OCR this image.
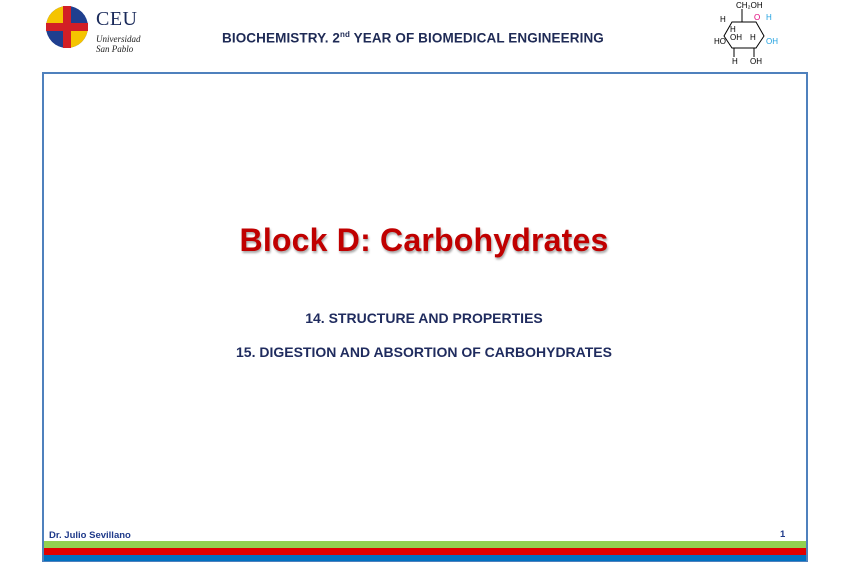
CEU
Universidad
San Pablo
BIOCHEMISTRY. 2nd YEAR OF BIOMEDICAL ENGINEERING
CH₂OH
H	O H
H
OH H
HO	OH
H OH
Block D: Carbohydrates
14. STRUCTURE AND PROPERTIES
15. DIGESTION AND ABSORTION OF CARBOHYDRATES
Dr. Julio Sevillano	1
